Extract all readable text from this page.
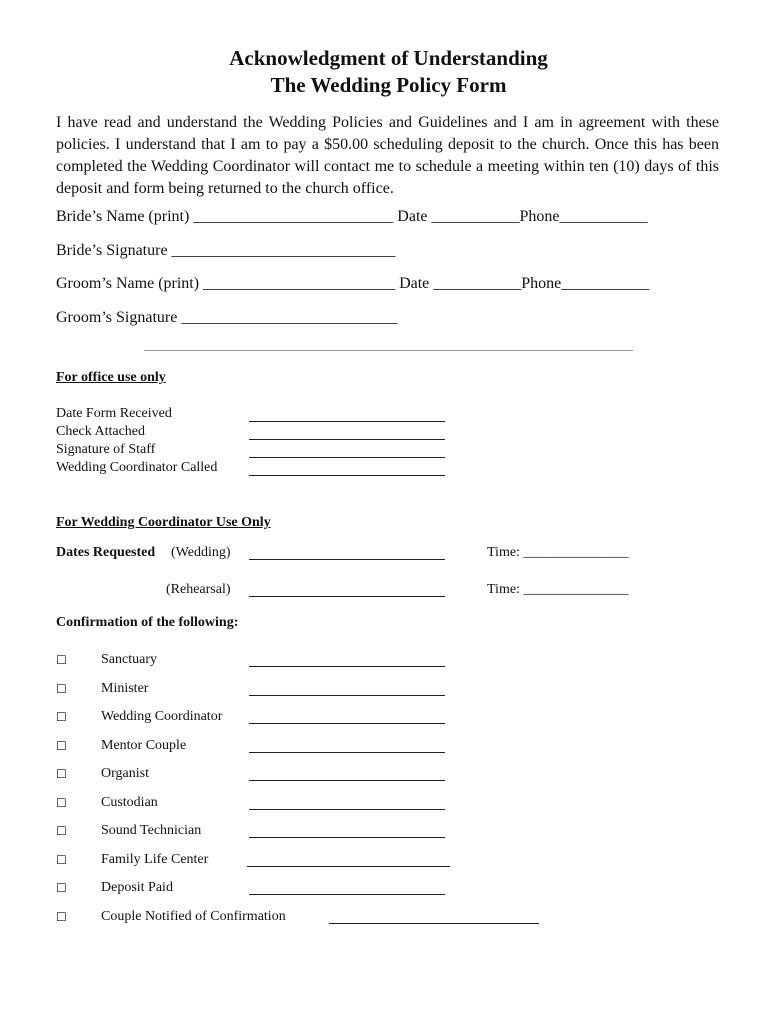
Acknowledgment of Understanding
The Wedding Policy Form
I have read and understand the Wedding Policies and Guidelines and I am in agreement with these policies. I understand that I am to pay a $50.00 scheduling deposit to the church. Once this has been completed the Wedding Coordinator will contact me to schedule a meeting within ten (10) days of this deposit and form being returned to the church office.
Bride’s Name (print) _________________________ Date ___________Phone___________
Bride’s Signature ____________________________
Groom’s Name (print) ________________________ Date ___________Phone___________
Groom’s Signature ___________________________
For office use only
Date Form Received
Check Attached
Signature of Staff
Wedding Coordinator Called
For Wedding Coordinator Use Only
Dates Requested (Wedding)	Time: _______________
(Rehearsal)	Time: _______________
Confirmation of the following:
☐ Sanctuary
☐ Minister
☐ Wedding Coordinator
☐ Mentor Couple
☐ Organist
☐ Custodian
☐ Sound Technician
☐ Family Life Center
☐ Deposit Paid
☐ Couple Notified of Confirmation
